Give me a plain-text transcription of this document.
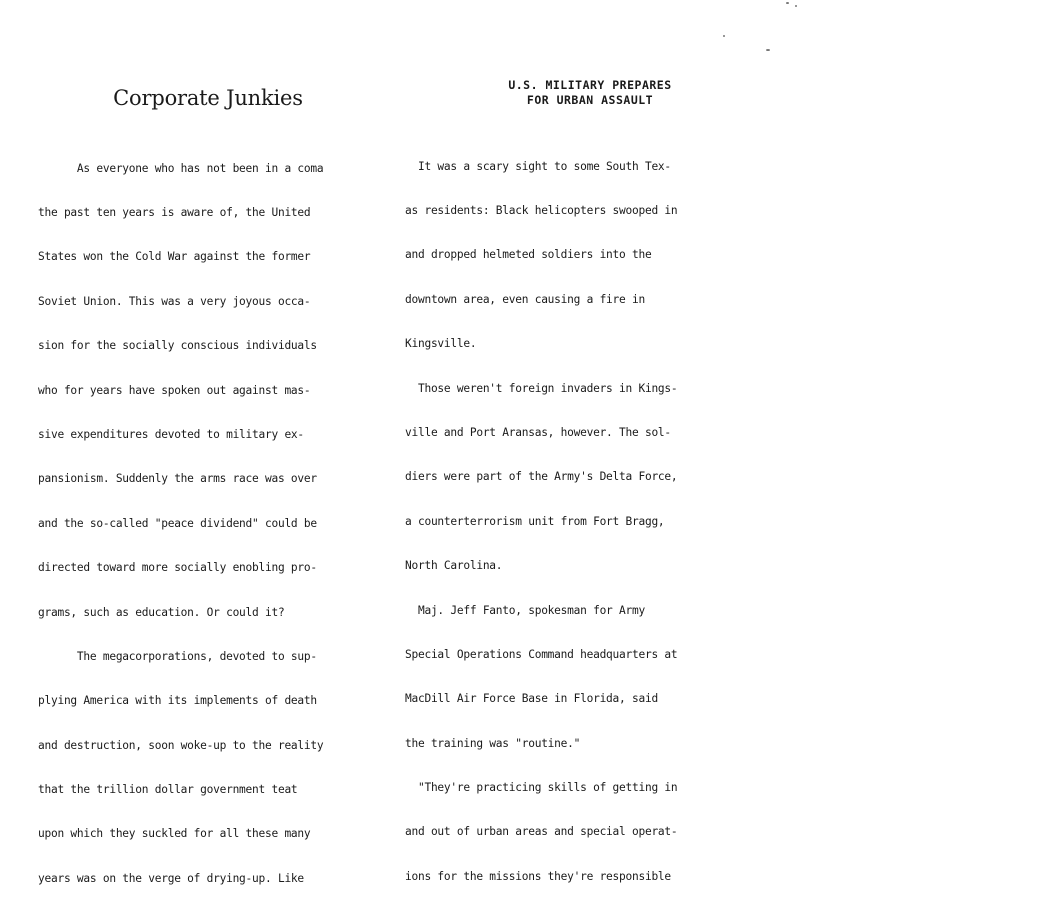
Corporate Junkies

As everyone who has not been in a coma

the past ten years is aware of, the United

States won the Cold War against the former

Soviet Union. This was a very joyous occa-

sion for the socially conscious individuals

who for years have spoken out against mas-

sive expenditures devoted to military ex-

pansionism. Suddenly the arms race was over

and the so-called "peace dividend" could be

directed toward more socially enobling pro-

grams, such as education. Or could it?

The megacorporations, devoted to sup-

plying America with its implements of death

and destruction, soon woke-up to the reality

that the trillion dollar government teat

upon which they suckled for all these many

years was on the verge of drying-up. Like

U.S. MILITARY PREPARES
FOR URBAN ASSAULT

It was a scary sight to some South Tex-

as residents: Black helicopters swooped in

and dropped helmeted soldiers into the

downtown area, even causing a fire in

Kingsville.

Those weren't foreign invaders in Kings-

ville and Port Aransas, however. The sol-

diers were part of the Army's Delta Force,

a counterterrorism unit from Fort Bragg,

North Carolina.

Maj. Jeff Fanto, spokesman for Army

Special Operations Command headquarters at

MacDill Air Force Base in Florida, said

the training was "routine."

"They're practicing skills of getting in

and out of urban areas and special operat-

ions for the missions they're responsible
